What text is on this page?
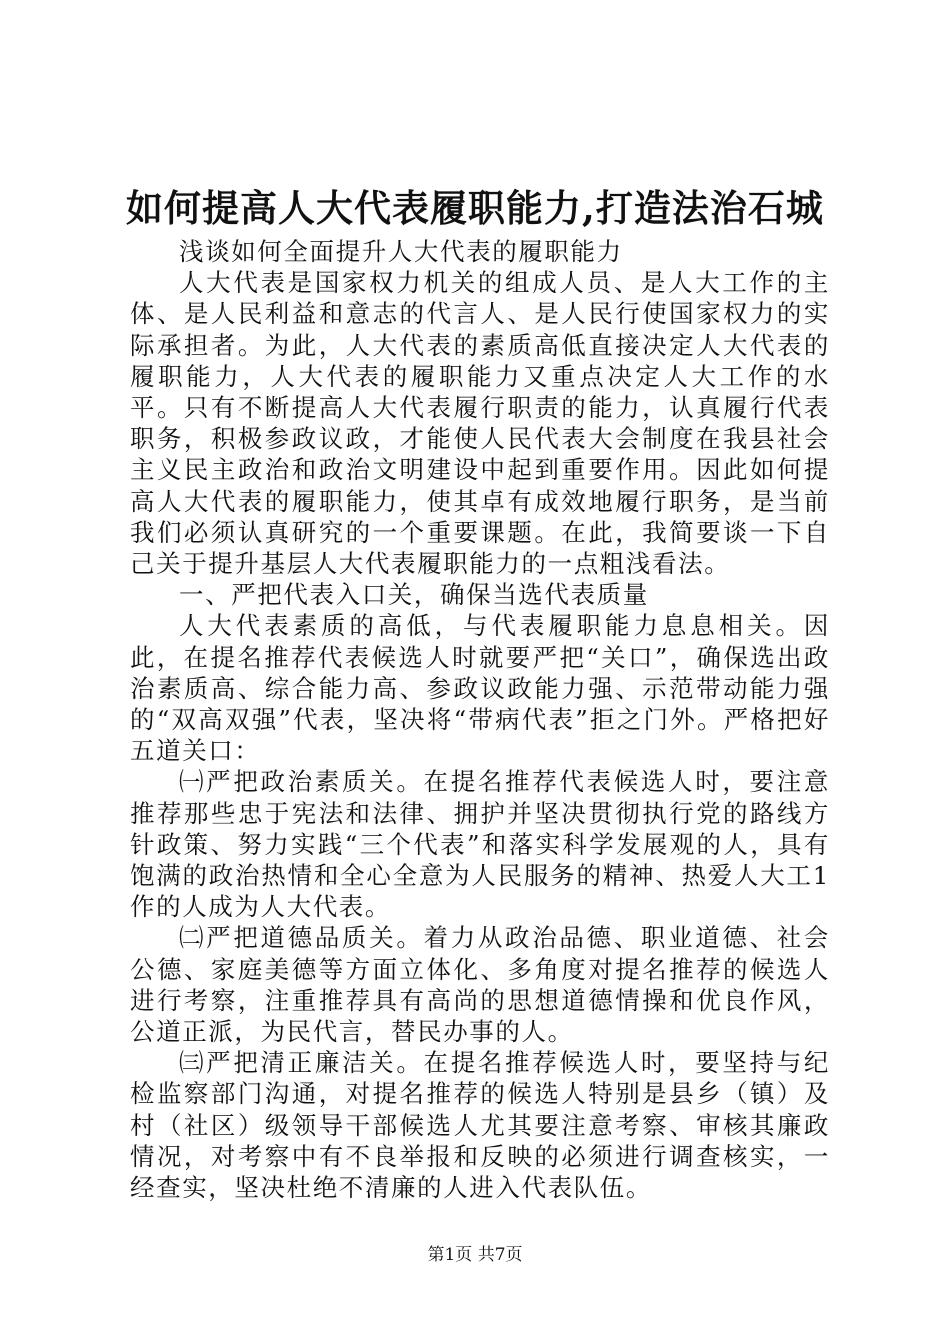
如何提高人大代表履职能力,打造法治石城

浅谈如何全面提升人大代表的履职能力

人大代表是国家权力机关的组成人员、是人大工作的主体、是人民利益和意志的代言人、是人民行使国家权力的实际承担者。为此，人大代表的素质高低直接决定人大代表的履职能力，人大代表的履职能力又重点决定人大工作的水平。只有不断提高人大代表履行职责的能力，认真履行代表职务，积极参政议政，才能使人民代表大会制度在我县社会主义民主政治和政治文明建设中起到重要作用。因此如何提高人大代表的履职能力，使其卓有成效地履行职务，是当前我们必须认真研究的一个重要课题。在此，我简要谈一下自己关于提升基层人大代表履职能力的一点粗浅看法。

一、严把代表入口关，确保当选代表质量

人大代表素质的高低，与代表履职能力息息相关。因此，在提名推荐代表候选人时就要严把“关口”，确保选出政治素质高、综合能力高、参政议政能力强、示范带动能力强的“双高双强”代表，坚决将“带病代表”拒之门外。严格把好五道关口：

㈠严把政治素质关。在提名推荐代表候选人时，要注意推荐那些忠于宪法和法律、拥护并坚决贯彻执行党的路线方针政策、努力实践“三个代表”和落实科学发展观的人，具有饱满的政治热情和全心全意为人民服务的精神、热爱人大工1作的人成为人大代表。

㈡严把道德品质关。着力从政治品德、职业道德、社会公德、家庭美德等方面立体化、多角度对提名推荐的候选人进行考察，注重推荐具有高尚的思想道德情操和优良作风，公道正派，为民代言，替民办事的人。

㈢严把清正廉洁关。在提名推荐候选人时，要坚持与纪检监察部门沟通，对提名推荐的候选人特别是县乡（镇）及村（社区）级领导干部候选人尤其要注意考察、审核其廉政情况，对考察中有不良举报和反映的必须进行调查核实，一经查实，坚决杜绝不清廉的人进入代表队伍。

第1页 共7页
